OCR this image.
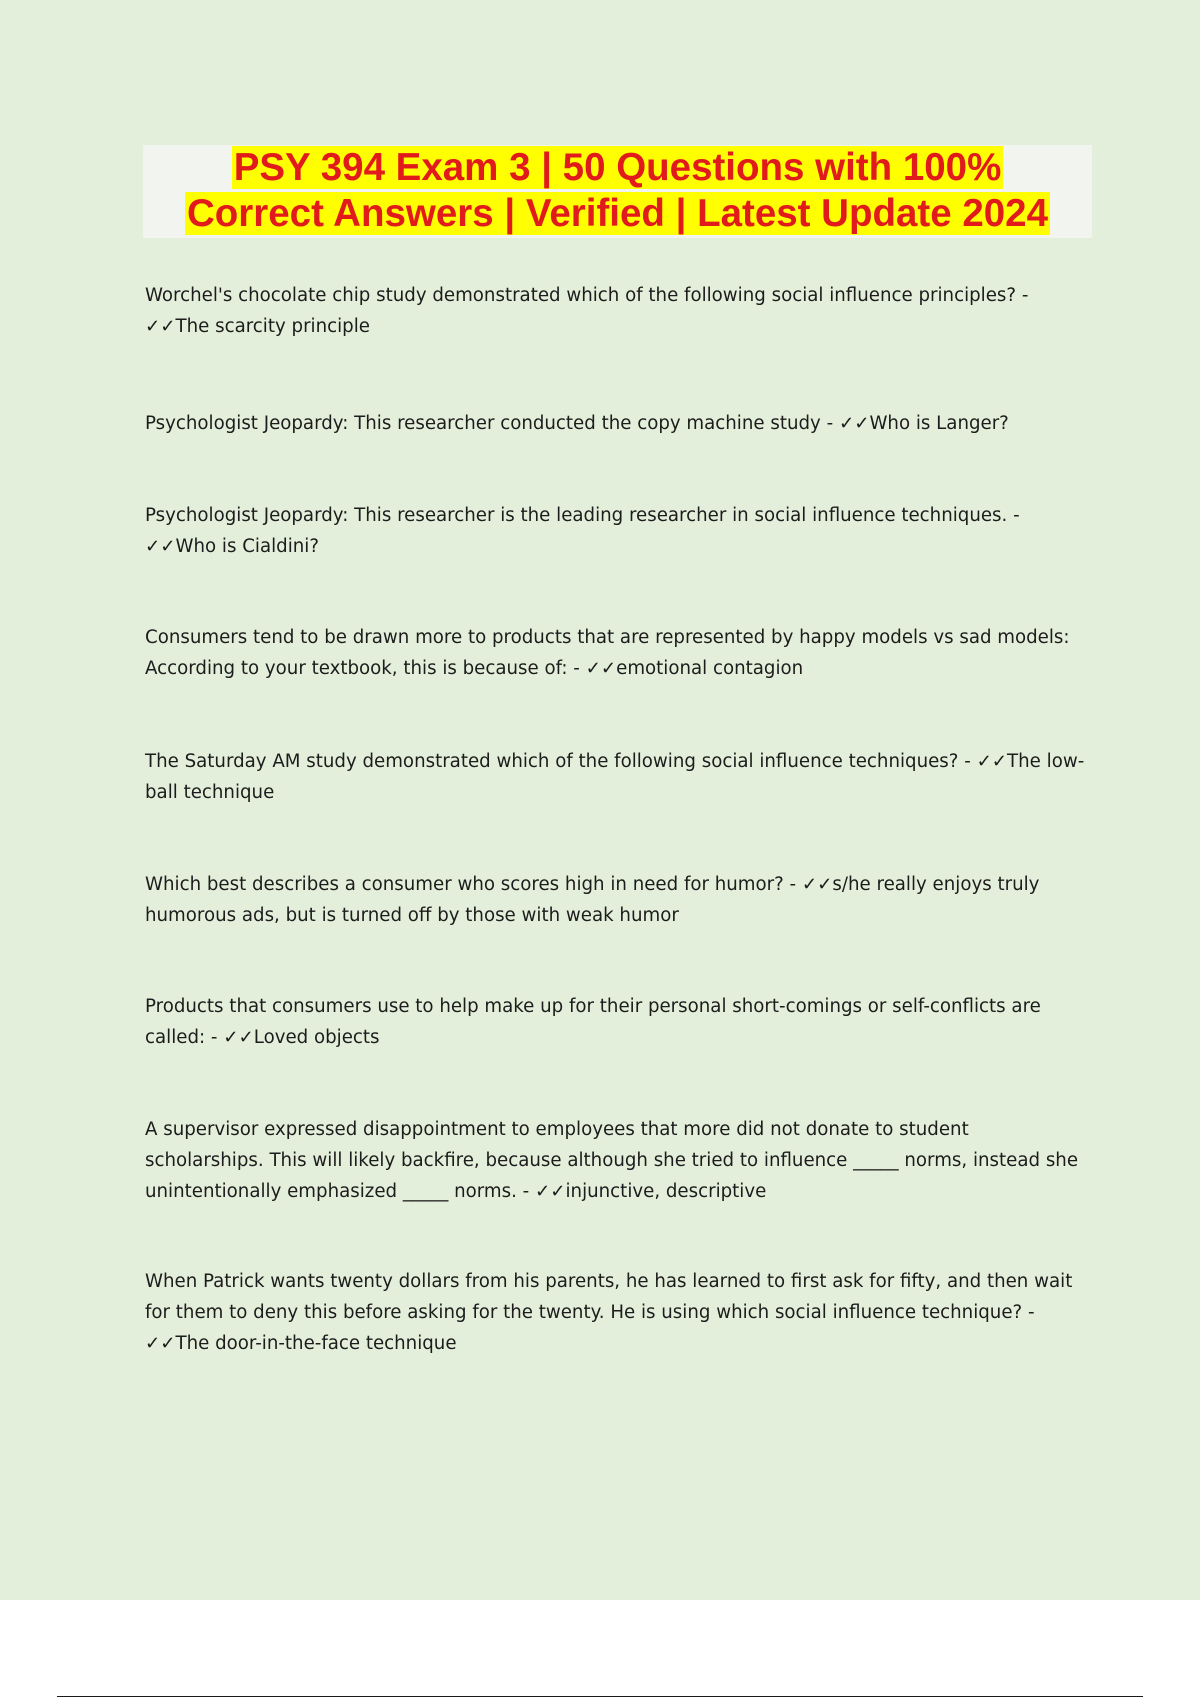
PSY 394 Exam 3 | 50 Questions with 100%
Correct Answers | Verified | Latest Update 2024

Worchel's chocolate chip study demonstrated which of the following social influence principles? - ✓✓The scarcity principle

Psychologist Jeopardy: This researcher conducted the copy machine study - ✓✓Who is Langer?

Psychologist Jeopardy: This researcher is the leading researcher in social influence techniques. - ✓✓Who is Cialdini?

Consumers tend to be drawn more to products that are represented by happy models vs sad models: According to your textbook, this is because of: - ✓✓emotional contagion

The Saturday AM study demonstrated which of the following social influence techniques? - ✓✓The low-ball technique

Which best describes a consumer who scores high in need for humor? - ✓✓s/he really enjoys truly humorous ads, but is turned off by those with weak humor

Products that consumers use to help make up for their personal short-comings or self-conflicts are called: - ✓✓Loved objects

A supervisor expressed disappointment to employees that more did not donate to student scholarships. This will likely backfire, because although she tried to influence _____ norms, instead she unintentionally emphasized _____ norms. - ✓✓injunctive, descriptive

When Patrick wants twenty dollars from his parents, he has learned to first ask for fifty, and then wait for them to deny this before asking for the twenty. He is using which social influence technique? - ✓✓The door-in-the-face technique
